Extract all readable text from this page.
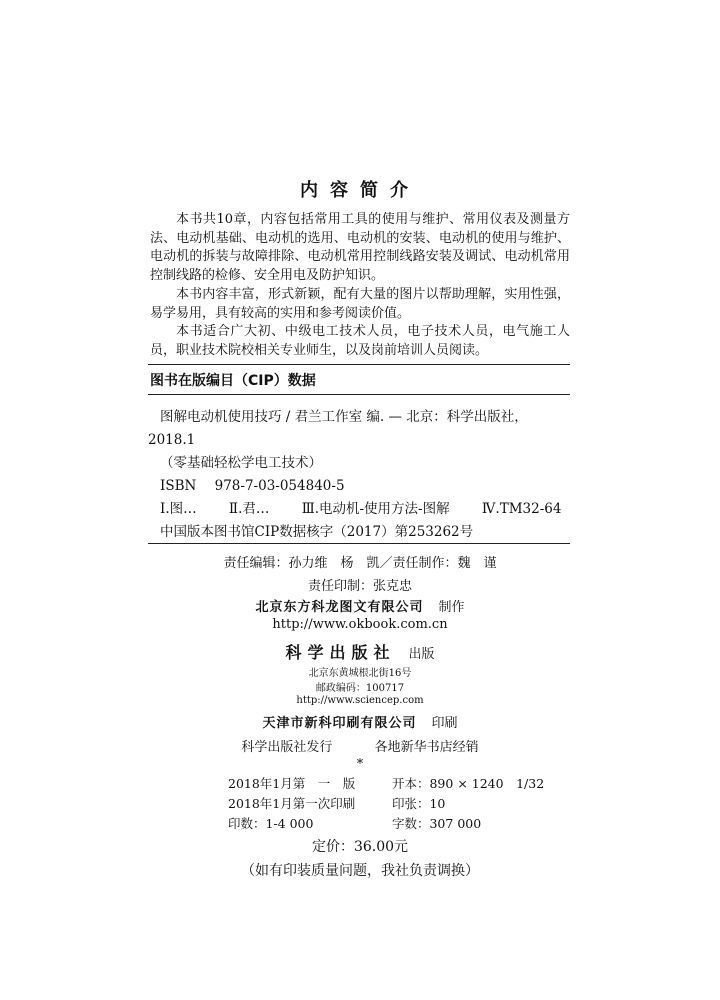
内容简介

本书共10章，内容包括常用工具的使用与维护、常用仪表及测量方法、电动机基础、电动机的选用、电动机的安装、电动机的使用与维护、电动机的拆装与故障排除、电动机常用控制线路安装及调试、电动机常用控制线路的检修、安全用电及防护知识。

本书内容丰富，形式新颖，配有大量的图片以帮助理解，实用性强，易学易用，具有较高的实用和参考阅读价值。

本书适合广大初、中级电工技术人员，电子技术人员，电气施工人员，职业技术院校相关专业师生，以及岗前培训人员阅读。

图书在版编目（CIP）数据
图解电动机使用技巧 / 君兰工作室 编. — 北京：科学出版社，
2018.1
（零基础轻松学电工技术）
ISBN 978-7-03-054840-5
Ⅰ.图… Ⅱ.君… Ⅲ.电动机-使用方法-图解 Ⅳ.TM32-64
中国版本图书馆CIP数据核字（2017）第253262号
责任编辑：孙力维　杨　凯／责任制作：魏　谨
责任印制：张克忠
北京东方科龙图文有限公司 制作
http://www.okbook.com.cn
科学出版社 出版
北京东黄城根北街16号
邮政编码：100717
http://www.sciencep.com
天津市新科印刷有限公司 印刷
科学出版社发行	各地新华书店经销
*
2018年1月第　一　版	开本：890 × 1240　1/32
2018年1月第一次印刷	印张：10
印数：1-4 000	字数：307 000
定价：36.00元
（如有印装质量问题，我社负责调换）
